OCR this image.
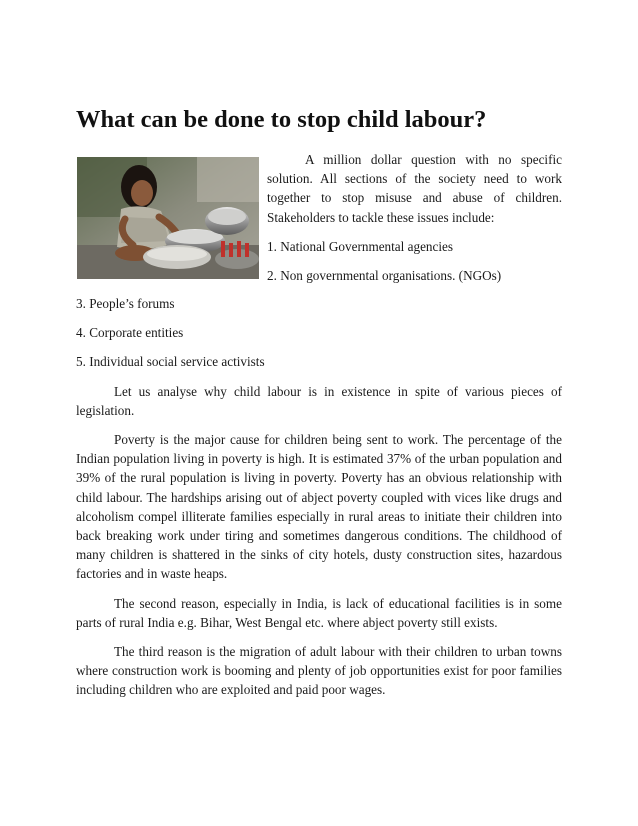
What can be done to stop child labour?

A million dollar question with no specific solution. All sections of the society need to work together to stop misuse and abuse of children. Stakeholders to tackle these issues include:

1. National Governmental agencies

2. Non governmental organisations. (NGOs)

3. People’s forums

4. Corporate entities

5. Individual social service activists

Let us analyse why child labour is in existence in spite of various pieces of legislation.

Poverty is the major cause for children being sent to work. The percentage of the Indian population living in poverty is high. It is estimated 37% of the urban population and 39% of the rural population is living in poverty. Poverty has an obvious relationship with child labour. The hardships arising out of abject poverty coupled with vices like drugs and alcoholism compel illiterate families especially in rural areas to initiate their children into back breaking work under tiring and sometimes dangerous conditions. The childhood of many children is shattered in the sinks of city hotels, dusty construction sites, hazardous factories and in waste heaps.

The second reason, especially in India, is lack of educational facilities is in some parts of rural India e.g. Bihar, West Bengal etc. where abject poverty still exists.

The third reason is the migration of adult labour with their children to urban towns where construction work is booming and plenty of job opportunities exist for poor families including children who are exploited and paid poor wages.
